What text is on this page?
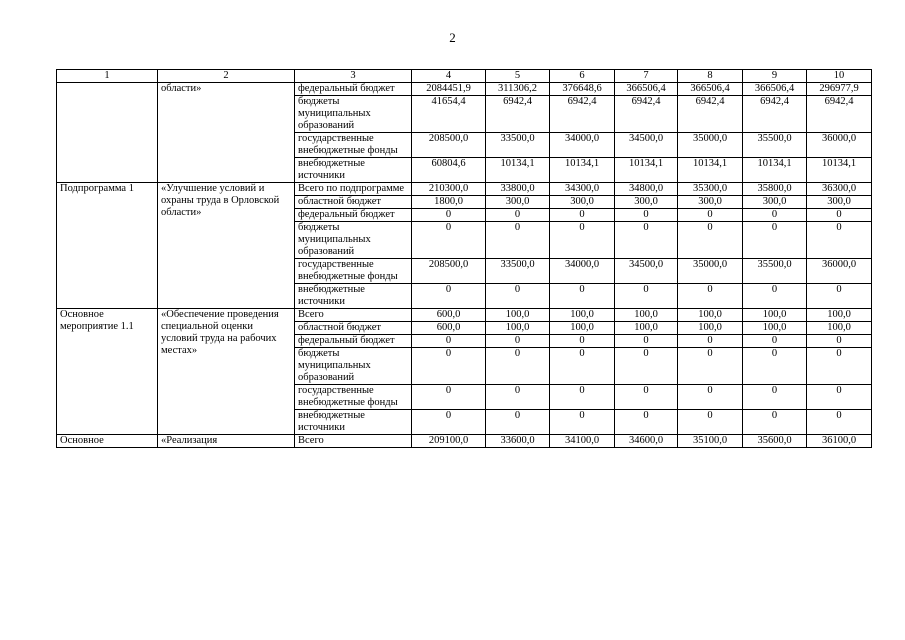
2
1	2	3	4	5	6	7	8	9	10
	области»	федеральный бюджет	2084451,9	311306,2	376648,6	366506,4	366506,4	366506,4	296977,9
		бюджеты муниципальных образований	41654,4	6942,4	6942,4	6942,4	6942,4	6942,4	6942,4
		государственные внебюджетные фонды	208500,0	33500,0	34000,0	34500,0	35000,0	35500,0	36000,0
		внебюджетные источники	60804,6	10134,1	10134,1	10134,1	10134,1	10134,1	10134,1
Подпрограмма 1	«Улучшение условий и охраны труда в Орловской области»	Всего по подпрограмме	210300,0	33800,0	34300,0	34800,0	35300,0	35800,0	36300,0
		областной бюджет	1800,0	300,0	300,0	300,0	300,0	300,0	300,0
		федеральный бюджет	0	0	0	0	0	0	0
		бюджеты муниципальных образований	0	0	0	0	0	0	0
		государственные внебюджетные фонды	208500,0	33500,0	34000,0	34500,0	35000,0	35500,0	36000,0
		внебюджетные источники	0	0	0	0	0	0	0
Основное мероприятие 1.1	«Обеспечение проведения специальной оценки условий труда на рабочих местах»	Всего	600,0	100,0	100,0	100,0	100,0	100,0	100,0
		областной бюджет	600,0	100,0	100,0	100,0	100,0	100,0	100,0
		федеральный бюджет	0	0	0	0	0	0	0
		бюджеты муниципальных образований	0	0	0	0	0	0	0
		государственные внебюджетные фонды	0	0	0	0	0	0	0
		внебюджетные источники	0	0	0	0	0	0	0
Основное	«Реализация	Всего	209100,0	33600,0	34100,0	34600,0	35100,0	35600,0	36100,0
